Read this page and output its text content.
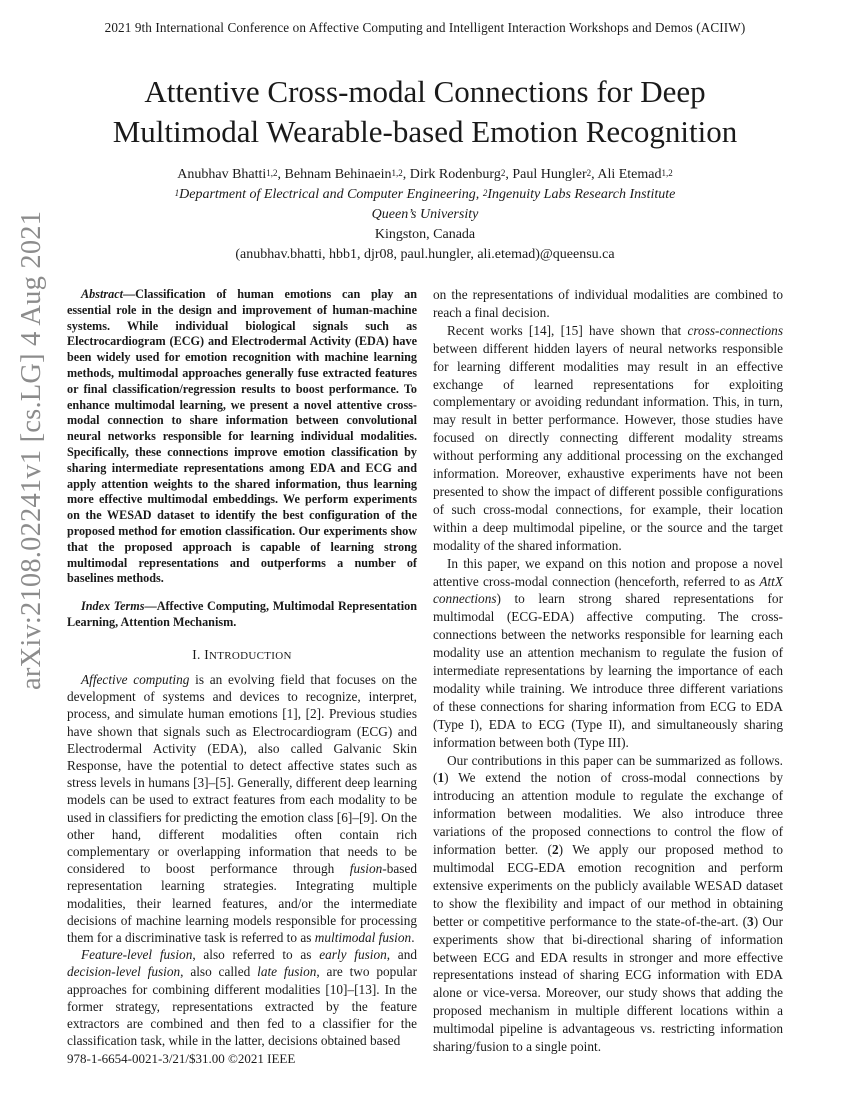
2021 9th International Conference on Affective Computing and Intelligent Interaction Workshops and Demos (ACIIW)
Attentive Cross-modal Connections for Deep
Multimodal Wearable-based Emotion Recognition
Anubhav Bhatti$^{1,2}$, Behnam Behinaein$^{1,2}$, Dirk Rodenburg$^2$, Paul Hungler$^2$, Ali Etemad$^{1,2}$
$^1$Department of Electrical and Computer Engineering, $^2$Ingenuity Labs Research Institute
Queen’s University
Kingston, Canada
(anubhav.bhatti, hbb1, djr08, paul.hungler, ali.etemad)@queensu.ca
arXiv:2108.02241v1 [cs.LG] 4 Aug 2021	Abstract—Classification of human emotions can play an essential role in the design and improvement of human-machine systems. While individual biological signals such as Electrocardiogram (ECG) and Electrodermal Activity (EDA) have been widely used for emotion recognition with machine learning methods, multimodal approaches generally fuse extracted features or final classification/regression results to boost performance. To enhance multimodal learning, we present a novel attentive cross-modal connection to share information between convolutional neural networks responsible for learning individual modalities. Specifically, these connections improve emotion classification by sharing intermediate representations among EDA and ECG and apply attention weights to the shared information, thus learning more effective multimodal embeddings. We perform experiments on the WESAD dataset to identify the best configuration of the proposed method for emotion classification. Our experiments show that the proposed approach is capable of learning strong multimodal representations and outperforms a number of baselines methods.

Index Terms—Affective Computing, Multimodal Representation Learning, Attention Mechanism.

I. INTRODUCTION

Affective computing is an evolving field that focuses on the development of systems and devices to recognize, interpret, process, and simulate human emotions [1], [2]. Previous studies have shown that signals such as Electrocardiogram (ECG) and Electrodermal Activity (EDA), also called Galvanic Skin Response, have the potential to detect affective states such as stress levels in humans [3]–[5]. Generally, different deep learning models can be used to extract features from each modality to be used in classifiers for predicting the emotion class [6]–[9]. On the other hand, different modalities often contain rich complementary or overlapping information that needs to be considered to boost performance through fusion-based representation learning strategies. Integrating multiple modalities, their learned features, and/or the intermediate decisions of machine learning models responsible for processing them for a discriminative task is referred to as multimodal fusion.

Feature-level fusion, also referred to as early fusion, and decision-level fusion, also called late fusion, are two popular approaches for combining different modalities [10]–[13]. In the former strategy, representations extracted by the feature extractors are combined and then fed to a classifier for the classification task, while in the latter, decisions obtained based

on the representations of individual modalities are combined to reach a final decision.

Recent works [14], [15] have shown that cross-connections between different hidden layers of neural networks responsible for learning different modalities may result in an effective exchange of learned representations for exploiting complementary or avoiding redundant information. This, in turn, may result in better performance. However, those studies have focused on directly connecting different modality streams without performing any additional processing on the exchanged information. Moreover, exhaustive experiments have not been presented to show the impact of different possible configurations of such cross-modal connections, for example, their location within a deep multimodal pipeline, or the source and the target modality of the shared information.

In this paper, we expand on this notion and propose a novel attentive cross-modal connection (henceforth, referred to as AttX connections) to learn strong shared representations for multimodal (ECG-EDA) affective computing. The cross-connections between the networks responsible for learning each modality use an attention mechanism to regulate the fusion of intermediate representations by learning the importance of each modality while training. We introduce three different variations of these connections for sharing information from ECG to EDA (Type I), EDA to ECG (Type II), and simultaneously sharing information between both (Type III).

Our contributions in this paper can be summarized as follows. (1) We extend the notion of cross-modal connections by introducing an attention module to regulate the exchange of information between modalities. We also introduce three variations of the proposed connections to control the flow of information better. (2) We apply our proposed method to multimodal ECG-EDA emotion recognition and perform extensive experiments on the publicly available WESAD dataset to show the flexibility and impact of our method in obtaining better or competitive performance to the state-of-the-art. (3) Our experiments show that bi-directional sharing of information between ECG and EDA results in stronger and more effective representations instead of sharing ECG information with EDA alone or vice-versa. Moreover, our study shows that adding the proposed mechanism in multiple different locations within a multimodal pipeline is advantageous vs. restricting information sharing/fusion to a single point.

978-1-6654-0021-3/21/$31.00 ©2021 IEEE
